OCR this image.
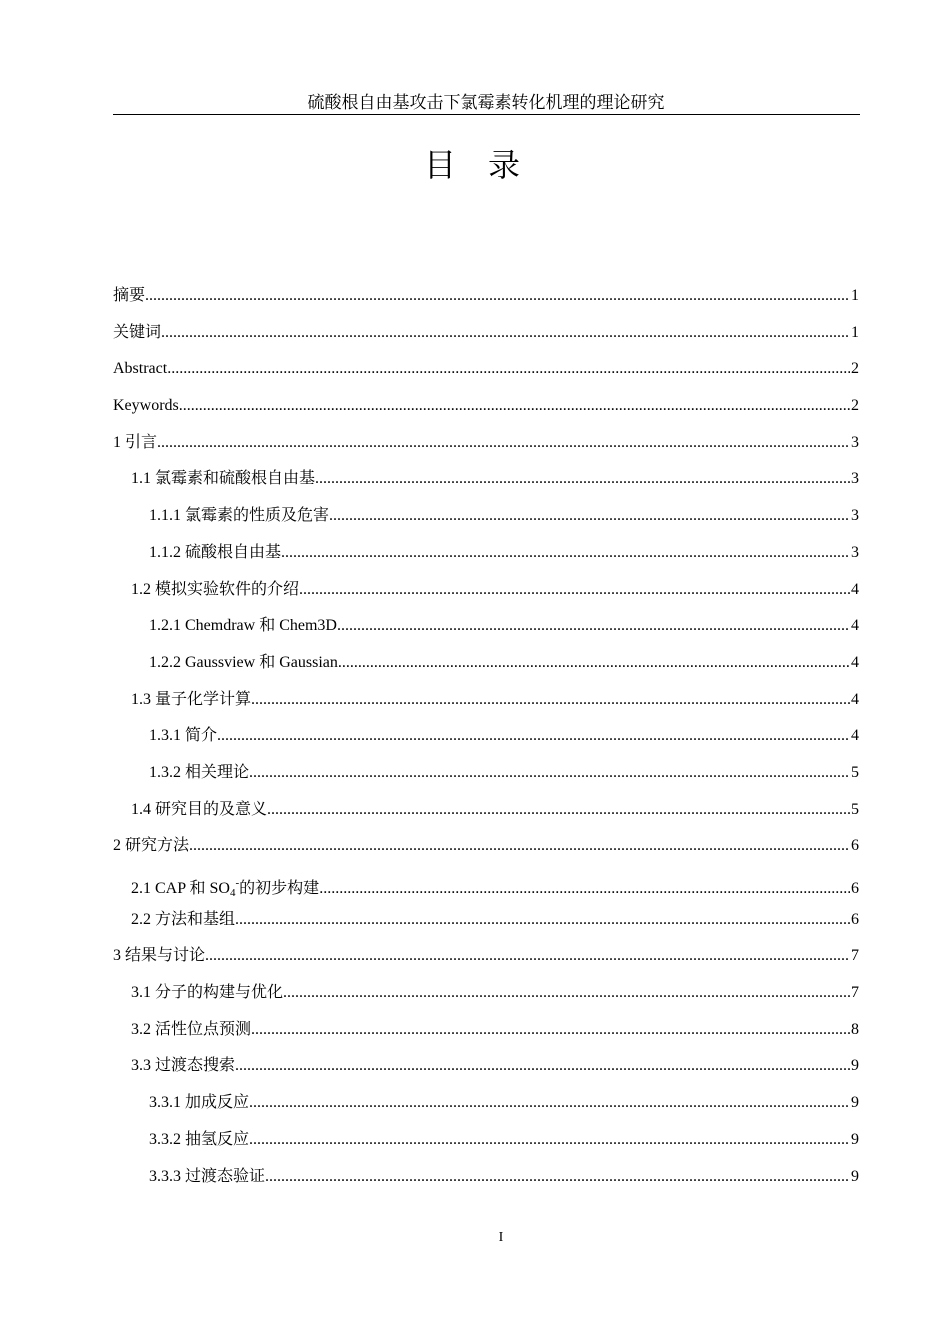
硫酸根自由基攻击下氯霉素转化机理的理论研究
目录
摘要 .....	1
关键词 .....	1
Abstract .....	2
Keywords .....	2
1 引言 .....	3
1.1 氯霉素和硫酸根自由基 .....	3
1.1.1 氯霉素的性质及危害 .....	3
1.1.2 硫酸根自由基 .....	3
1.2 模拟实验软件的介绍 .....	4
1.2.1 Chemdraw 和 Chem3D .....	4
1.2.2 Gaussview 和 Gaussian .....	4
1.3 量子化学计算 .....	4
1.3.1 简介 .....	4
1.3.2 相关理论 .....	5
1.4 研究目的及意义 .....	5
2 研究方法 .....	6
2.1 CAP 和 $SO_4^-$的初步构建 .....	6
2.2 方法和基组 .....	6
3 结果与讨论 .....	7
3.1 分子的构建与优化 .....	7
3.2 活性位点预测 .....	8
3.3 过渡态搜索 .....	9
3.3.1 加成反应 .....	9
3.3.2 抽氢反应 .....	9
3.3.3 过渡态验证 .....	9
I
